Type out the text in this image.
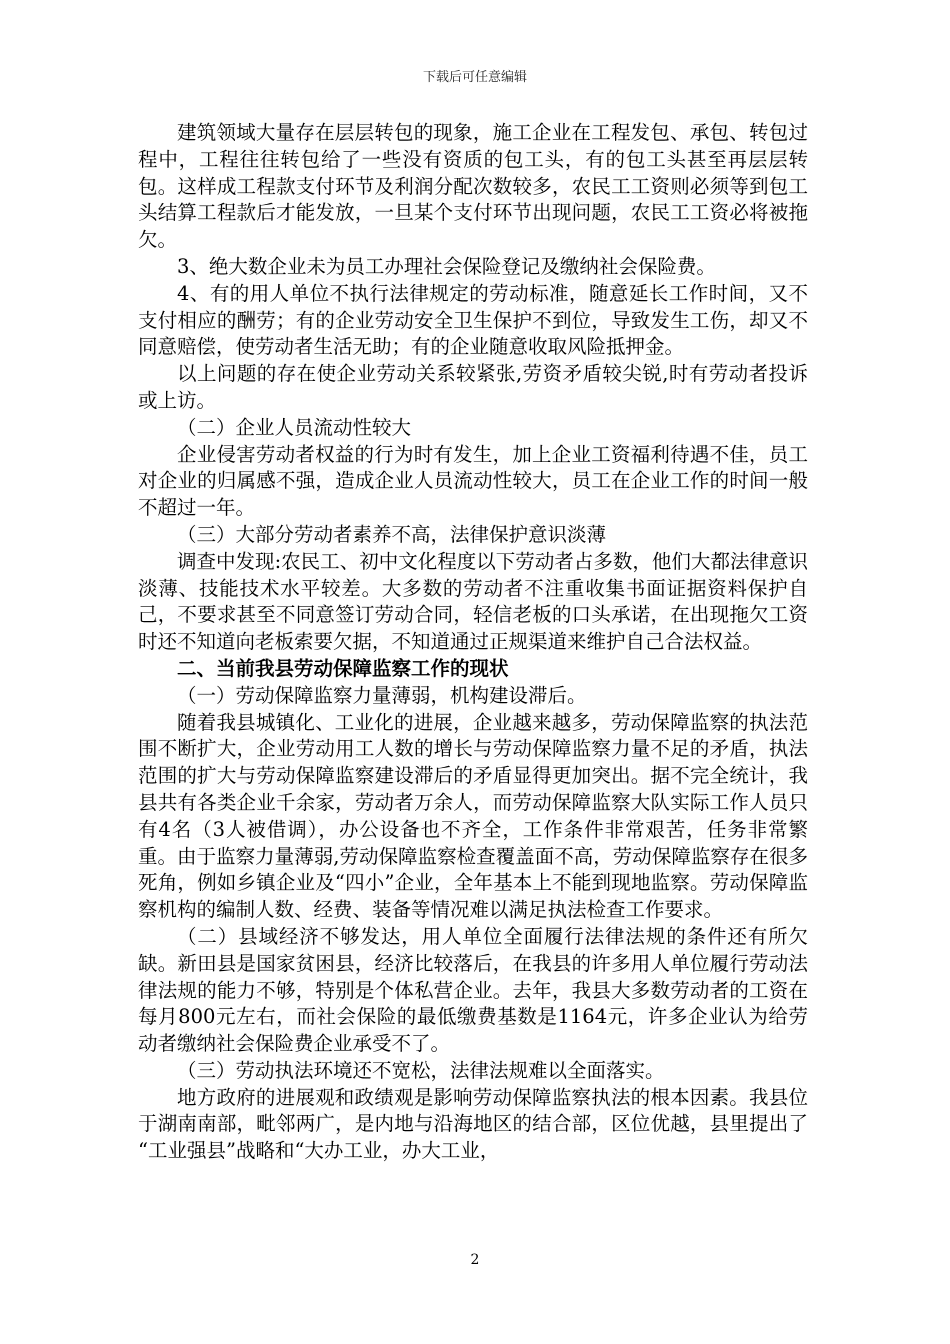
下载后可任意编辑

建筑领域大量存在层层转包的现象，施工企业在工程发包、承包、转包过程中，工程往往转包给了一些没有资质的包工头，有的包工头甚至再层层转包。这样成工程款支付环节及利润分配次数较多，农民工工资则必须等到包工头结算工程款后才能发放，一旦某个支付环节出现问题，农民工工资必将被拖欠。

3、绝大数企业未为员工办理社会保险登记及缴纳社会保险费。

4、有的用人单位不执行法律规定的劳动标准，随意延长工作时间，又不支付相应的酬劳；有的企业劳动安全卫生保护不到位，导致发生工伤，却又不同意赔偿，使劳动者生活无助；有的企业随意收取风险抵押金。

以上问题的存在使企业劳动关系较紧张,劳资矛盾较尖锐,时有劳动者投诉或上访。

（二）企业人员流动性较大

企业侵害劳动者权益的行为时有发生，加上企业工资福利待遇不佳，员工对企业的归属感不强，造成企业人员流动性较大，员工在企业工作的时间一般不超过一年。

（三）大部分劳动者素养不高，法律保护意识淡薄

调查中发现:农民工、初中文化程度以下劳动者占多数，他们大都法律意识淡薄、技能技术水平较差。大多数的劳动者不注重收集书面证据资料保护自己，不要求甚至不同意签订劳动合同，轻信老板的口头承诺，在出现拖欠工资时还不知道向老板索要欠据，不知道通过正规渠道来维护自己合法权益。

二、当前我县劳动保障监察工作的现状

（一）劳动保障监察力量薄弱，机构建设滞后。

随着我县城镇化、工业化的进展，企业越来越多，劳动保障监察的执法范围不断扩大，企业劳动用工人数的增长与劳动保障监察力量不足的矛盾，执法范围的扩大与劳动保障监察建设滞后的矛盾显得更加突出。据不完全统计，我县共有各类企业千余家，劳动者万余人，而劳动保障监察大队实际工作人员只有4名（3人被借调），办公设备也不齐全，工作条件非常艰苦，任务非常繁重。由于监察力量薄弱,劳动保障监察检查覆盖面不高，劳动保障监察存在很多死角，例如乡镇企业及“四小”企业，全年基本上不能到现地监察。劳动保障监察机构的编制人数、经费、装备等情况难以满足执法检查工作要求。

（二）县域经济不够发达，用人单位全面履行法律法规的条件还有所欠缺。新田县是国家贫困县，经济比较落后，在我县的许多用人单位履行劳动法律法规的能力不够，特别是个体私营企业。去年，我县大多数劳动者的工资在每月800元左右，而社会保险的最低缴费基数是1164元，许多企业认为给劳动者缴纳社会保险费企业承受不了。

（三）劳动执法环境还不宽松，法律法规难以全面落实。

地方政府的进展观和政绩观是影响劳动保障监察执法的根本因素。我县位于湖南南部，毗邻两广，是内地与沿海地区的结合部，区位优越，县里提出了 “工业强县”战略和“大办工业，办大工业，

2
